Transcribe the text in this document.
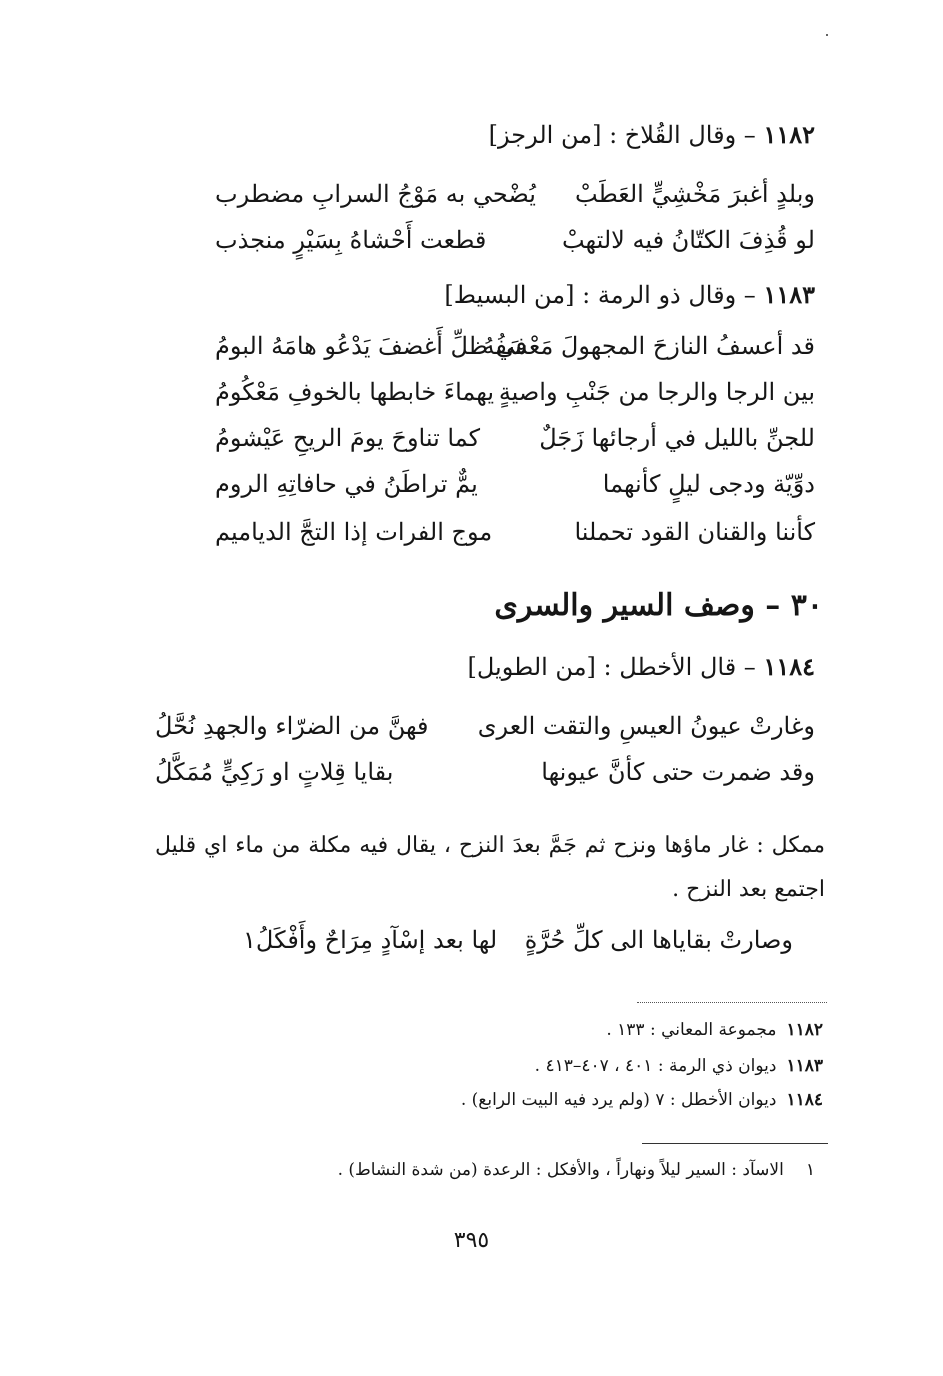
١١٨٢ – وقال القُلاخ : [من الرجز]
وبلدٍ أغبرَ مَخْشِيٍّ العَطَبْ
يُضْحي به مَوْجُ السرابِ مضطرب
لو قُذِفَ الكتّانُ فيه لالتهبْ
قطعت أَحْشاهُ بِسَيْرٍ منجذب
١١٨٣ – وقال ذو الرمة : [من البسيط]
قد أعسفُ النازحَ المجهولَ مَعْسَفُهُ
في ظلِّ أَغضفَ يَدْعُو هامَهُ البومُ
بين الرجا والرجا من جَنْبِ واصيةٍ
يهماءَ خابطها بالخوفِ مَعْكُومُ
للجنِّ بالليل في أرجائها زَجَلٌ
كما تناوحَ يومَ الريحِ عَيْشومُ
دوِّيّة ودجى ليلٍ كأنهما
يمٌّ تراطَنُ في حافاتِهِ الروم
كأننا والقنان القود تحملنا
موج الفرات إذا التجَّ الدياميم
٣٠ – وصف السير والسرى
١١٨٤ – قال الأخطل : [من الطويل]
وغارتْ عيونُ العيسِ والتقت العرى
فهنَّ من الضرّاء والجهدِ نُحَّلُ
وقد ضمرت حتى كأنَّ عيونها
بقايا قِلاتٍ او رَكِيٍّ مُمَكَّلُ
ممكل : غار ماؤها ونزح ثم جَمَّ بعدَ النزح ، يقال فيه مكلة من ماء اي قليل اجتمع بعد النزح .
وصارتْ بقاياها الى كلِّ حُرَّةٍ
لها بعد إسْآدٍ مِرَاحٌ وأَفْكَلُ١
١١٨٢مجموعة المعاني : ١٣٣ .
١١٨٣ديوان ذي الرمة : ٤٠١ ، ٤٠٧–٤١٣ .
١١٨٤ديوان الأخطل : ٧ (ولم يرد فيه البيت الرابع) .
١الاسآد : السير ليلاً ونهاراً ، والأفكل : الرعدة (من شدة النشاط) .
٣٩٥
